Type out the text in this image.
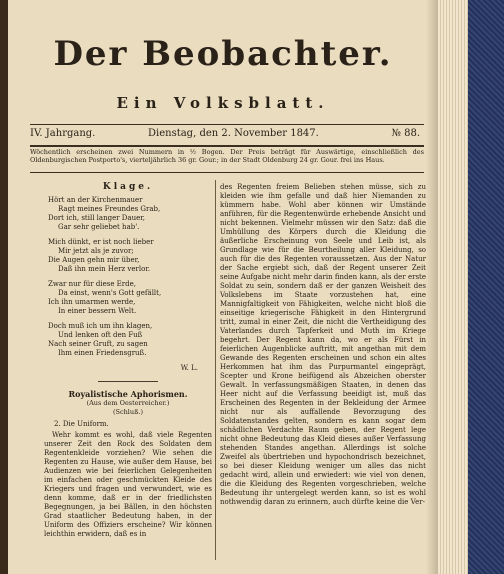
Der Beobachter.
Ein Volksblatt.
IV. Jahrgang.	Dienstag, den 2. November 1847.	№ 88.
Wöchentlich erscheinen zwei Nummern in ½ Bogen. Der Preis beträgt für Auswärtige, einschließlich des Oldenburgischen Postporto's, vierteljährlich 36 gr. Gour.; in der Stadt Oldenburg 24 gr. Gour. frei ins Haus.
Klage.
Hört an der Kirchenmauer
Ragt meines Freundes Grab,
Dort ich, still langer Dauer,
Gar sehr geliebet hab'.
Mich dünkt, er ist noch lieber
Mir jetzt als je zuvor;
Die Augen gehn mir über,
Daß ihn mein Herz verlor.
Zwar nur für diese Erde,
Da einst, wenn's Gott gefällt,
Ich ihn umarmen werde,
In einer bessern Welt.
Doch muß ich um ihn klagen,
Und lenken oft den Fuß
Nach seiner Gruft, zu sagen
Ihm einen Friedensgruß.
W. L.
Royalistische Aphorismen.
(Aus dem Oesterreicher.)
(Schluß.)
2. Die Uniform.
Wehr kommt es wohl, daß viele Regenten unserer Zeit den Rock des Soldaten dem Regentenkleide vorziehen? Wie sehen die Regenten zu Hause, wie außer dem Hause, bei Audienzen wie bei feierlichen Gelegenheiten im einfachen oder geschmückten Kleide des Kriegers und fragen und verwundert, wie es denn komme, daß er in der friedlichsten Begegnungen, ja bei Bällen, in den höchsten Grad staatlicher Bedeutung haben, in der Uniform des Offiziers erscheine? Wir können leichthin erwidern, daß es in
des Regenten freiem Belieben stehen müsse, sich zu kleiden wie ihm gefalle und daß hier Niemanden zu kümmern habe. Wohl aber können wir Umstände anführen, für die Regentenwürde erhebende Ansicht und nicht bekennen. Vielmehr müssen wir den Satz: daß die Umhüllung des Körpers durch die Kleidung die äußerliche Erscheinung von Seele und Leib ist, als Grundlage wie für die Beurtheilung aller Kleidung, so auch für die des Regenten voraussetzen. Aus der Natur der Sache ergiebt sich, daß der Regent unserer Zeit seine Aufgabe nicht mehr darin finden kann, als der erste Soldat zu sein, sondern daß er der ganzen Weisheit des Volkslebens im Staate vorzustehen hat, eine Mannigfaltigkeit von Fähigkeiten, welche nicht bloß die einseitige kriegerische Fähigkeit in den Hintergrund tritt, zumal in einer Zeit, die nicht die Vertheidigung des Vaterlandes durch Tapferkeit und Muth im Kriege begehrt. Der Regent kann da, wo er als Fürst in feierlichen Augenblicke auftritt, mit angethan mit dem Gewande des Regenten erscheinen und schon ein altes Herkommen hat ihm das Purpurmantel eingeprägt, Scepter und Krone beifügend als Abzeichen oberster Gewalt. In verfassungsmäßigen Staaten, in denen das Heer nicht auf die Verfassung beeidigt ist, muß das Erscheinen des Regenten in der Bekleidung der Armee nicht nur als auffallende Bevorzugung des Soldatenstandes gelten, sondern es kann sogar dem schädlichen Verdachte Raum geben, der Regent lege nicht ohne Bedeutung das Kleid dieses außer Verfassung stehenden Standes angethan. Allerdings ist solche Zweifel als übertrieben und hypochondrisch bezeichnet, so bei dieser Kleidung weniger um alles das nicht gedacht wird, allein und erwiedert: wie viel von denen, die die Kleidung des Regenten vorgeschrieben, welche Bedeutung ihr untergelegt werden kann, so ist es wohl nothwendig daran zu erinnern, auch dürfte keine die Ver-
